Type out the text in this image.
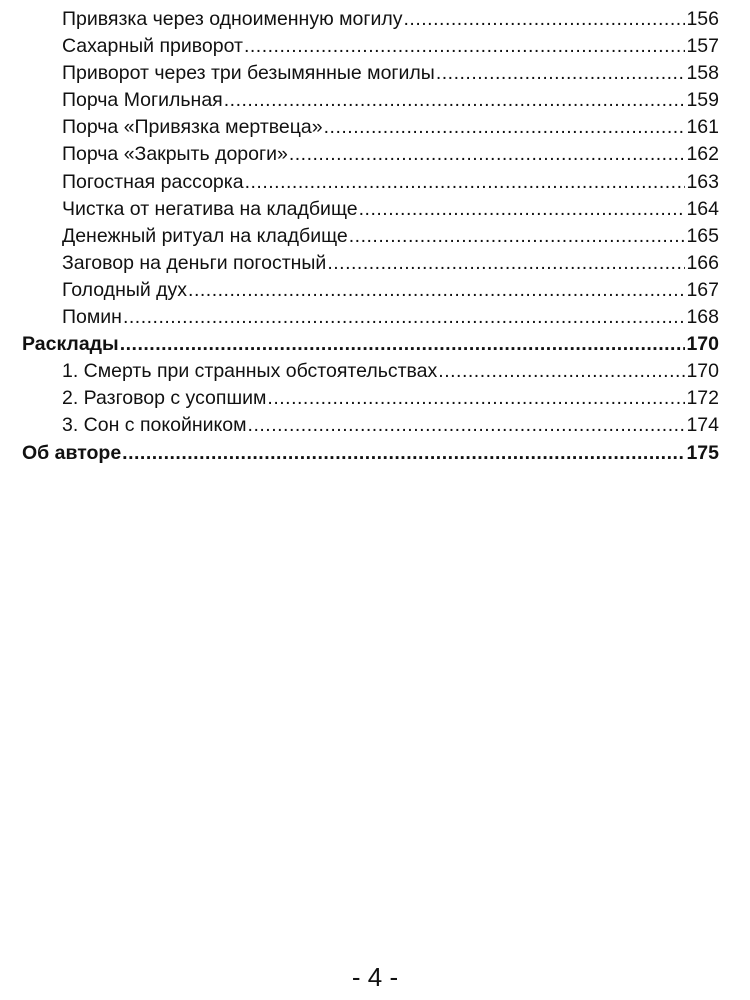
Привязка через одноименную могилу .....	156
Сахарный приворот .....	157
Приворот через три безымянные могилы .....	158
Порча Могильная .....	159
Порча «Привязка мертвеца» .....	161
Порча «Закрыть дороги» .....	162
Погостная рассорка .....	163
Чистка от негатива на кладбище .....	164
Денежный ритуал на кладбище .....	165
Заговор на деньги погостный .....	166
Голодный дух .....	167
Помин .....	168
Расклады .....	170
1. Смерть при странных обстоятельствах .....	170
2. Разговор с усопшим .....	172
3. Сон с покойником .....	174
Об авторе .....	175
- 4 -
